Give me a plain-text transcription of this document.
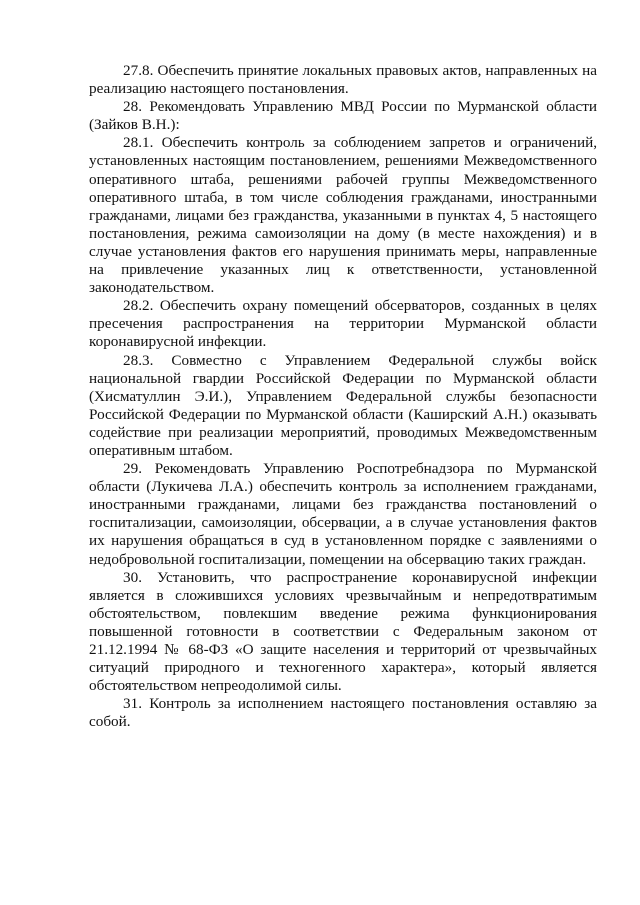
27.8. Обеспечить принятие локальных правовых актов, направленных на реализацию настоящего постановления.

28. Рекомендовать Управлению МВД России по Мурманской области (Зайков В.Н.):

28.1. Обеспечить контроль за соблюдением запретов и ограничений, установленных настоящим постановлением, решениями Межведомственного оперативного штаба, решениями рабочей группы Межведомственного оперативного штаба, в том числе соблюдения гражданами, иностранными гражданами, лицами без гражданства, указанными в пунктах 4, 5 настоящего постановления, режима самоизоляции на дому (в месте нахождения) и в случае установления фактов его нарушения принимать меры, направленные на привлечение указанных лиц к ответственности, установленной законодательством.

28.2. Обеспечить охрану помещений обсерваторов, созданных в целях пресечения распространения на территории Мурманской области коронавирусной инфекции.

28.3. Совместно с Управлением Федеральной службы войск национальной гвардии Российской Федерации по Мурманской области (Хисматуллин Э.И.), Управлением Федеральной службы безопасности Российской Федерации по Мурманской области (Каширский А.Н.) оказывать содействие при реализации мероприятий, проводимых Межведомственным оперативным штабом.

29. Рекомендовать Управлению Роспотребнадзора по Мурманской области (Лукичева Л.А.) обеспечить контроль за исполнением гражданами, иностранными гражданами, лицами без гражданства постановлений о госпитализации, самоизоляции, обсервации, а в случае установления фактов их нарушения обращаться в суд в установленном порядке с заявлениями о недобровольной госпитализации, помещении на обсервацию таких граждан.

30. Установить, что распространение коронавирусной инфекции является в сложившихся условиях чрезвычайным и непредотвратимым обстоятельством, повлекшим введение режима функционирования повышенной готовности в соответствии с Федеральным законом от 21.12.1994 № 68-ФЗ «О защите населения и территорий от чрезвычайных ситуаций природного и техногенного характера», который является обстоятельством непреодолимой силы.

31. Контроль за исполнением настоящего постановления оставляю за собой.
